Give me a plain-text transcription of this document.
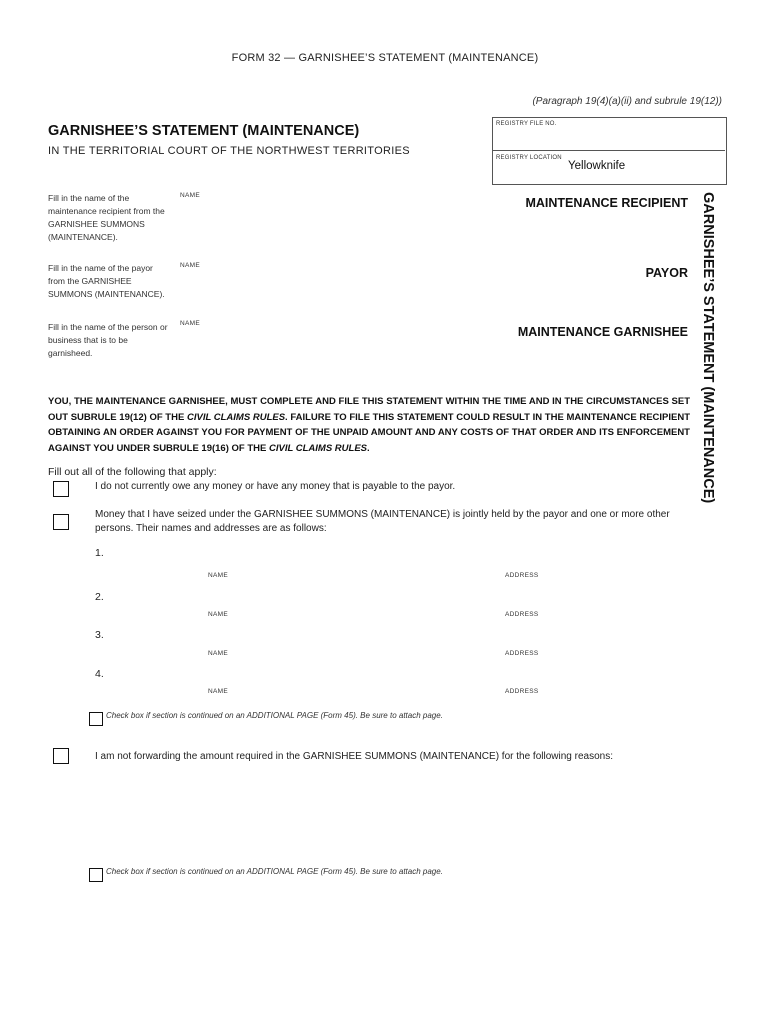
FORM 32 — GARNISHEE’S STATEMENT (MAINTENANCE)
(Paragraph 19(4)(a)(ii) and subrule 19(12))
GARNISHEE’S STATEMENT (MAINTENANCE)
IN THE TERRITORIAL COURT OF THE NORTHWEST TERRITORIES
REGISTRY FILE NO.
REGISTRY LOCATION
Yellowknife
GARNISHEE’S STATEMENT (MAINTENANCE)
Fill in the name of the maintenance recipient from the GARNISHEE SUMMONS (MAINTENANCE).
NAME
MAINTENANCE RECIPIENT
Fill in the name of the payor from the GARNISHEE SUMMONS (MAINTENANCE).
NAME
PAYOR
Fill in the name of the person or business that is to be garnisheed.
NAME
MAINTENANCE GARNISHEE
YOU, THE MAINTENANCE GARNISHEE, MUST COMPLETE AND FILE THIS STATEMENT WITHIN THE TIME AND IN THE CIRCUMSTANCES SET OUT SUBRULE 19(12) OF THE CIVIL CLAIMS RULES. FAILURE TO FILE THIS STATEMENT COULD RESULT IN THE MAINTENANCE RECIPIENT OBTAINING AN ORDER AGAINST YOU FOR PAYMENT OF THE UNPAID AMOUNT AND ANY COSTS OF THAT ORDER AND ITS ENFORCEMENT AGAINST YOU UNDER SUBRULE 19(16) OF THE CIVIL CLAIMS RULES.
Fill out all of the following that apply:
I do not currently owe any money or have any money that is payable to the payor.
Money that I have seized under the GARNISHEE SUMMONS (MAINTENANCE) is jointly held by the payor and one or more other persons. Their names and addresses are as follows:
1.
NAME	ADDRESS
2.
NAME	ADDRESS
3.
NAME	ADDRESS
4.
NAME	ADDRESS
Check box if section is continued on an ADDITIONAL PAGE (Form 45). Be sure to attach page.
I am not forwarding the amount required in the GARNISHEE SUMMONS (MAINTENANCE) for the following reasons:
Check box if section is continued on an ADDITIONAL PAGE (Form 45). Be sure to attach page.
